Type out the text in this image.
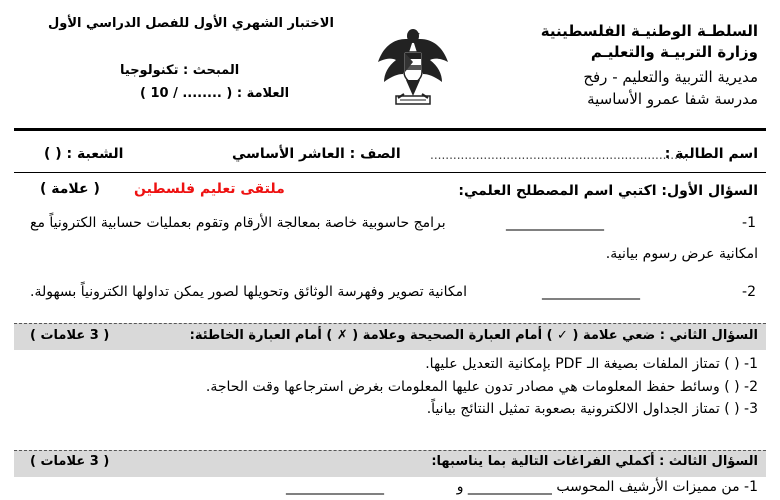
السلطـة الوطنيـة الفلسطينية
وزارة التربيـة والتعليـم
مديرية التربية والتعليم - رفح
مدرسة شفا عمرو الأساسية
الاختبار الشهري الأول للفصل الدراسي الأول
المبحث : تكنولوجيا
العلامة : ( ........ / 10 )
اسم الطالبة :
...................................................................
الصف : العاشر الأساسي
الشعبة : ( )
السؤال الأول: اكتبي اسم المصطلح العلمي:
ملتقى تعليم فلسطين
( علامة )
1-
______________
برامج حاسوبية خاصة بمعالجة الأرقام وتقوم بعمليات حسابية الكترونياً مع
امكانية عرض رسوم بيانية.
2-
______________
امكانية تصوير وفهرسة الوثائق وتحويلها لصور يمكن تداولها الكترونياً بسهولة.
السؤال الثاني : ضعي علامة ( ✓ ) أمام العبارة الصحيحة وعلامة ( ✗ ) أمام العبارة الخاطئة:
( 3 علامات )
1- ( ) تمتاز الملفات بصيغة الـ PDF بإمكانية التعديل عليها.
2- ( ) وسائط حفظ المعلومات هي مصادر تدون عليها المعلومات بغرض استرجاعها وقت الحاجة.
3- ( ) تمتاز الجداول الالكترونية بصعوبة تمثيل النتائج بيانياً.
السؤال الثالث : أكملي الفراغات التالية بما يناسبها:
( 3 علامات )
1- من مميزات الأرشيف المحوسب ____________ و
______________
